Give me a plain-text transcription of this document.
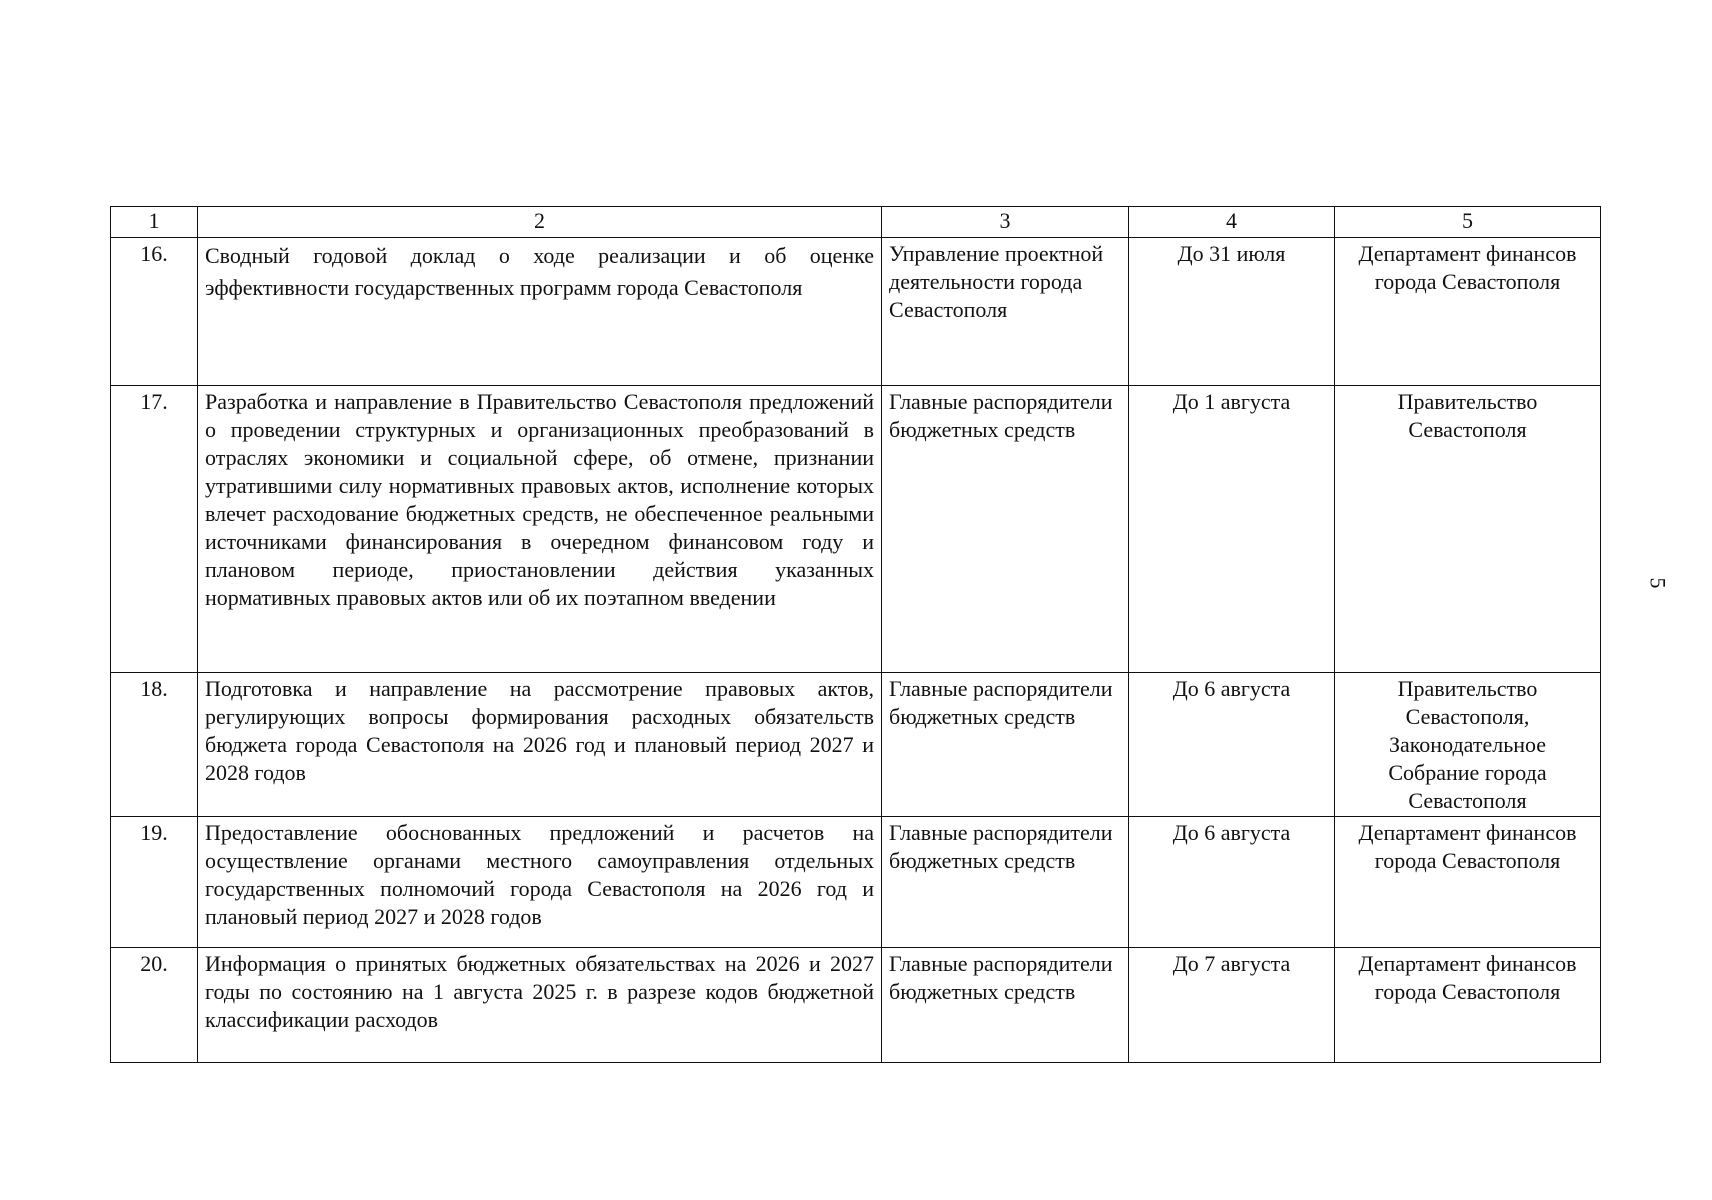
5
1	2	3	4	5
16.	Сводный годовой доклад о ходе реализации и об оценке эффективности государственных программ города Севастополя	Управление проектной деятельности города Севастополя	До 31 июля	Департамент финансов города Севастополя
17.	Разработка и направление в Правительство Севастополя предложений о проведении структурных и организационных преобразований в отраслях экономики и социальной сфере, об отмене, признании утратившими силу нормативных правовых актов, исполнение которых влечет расходование бюджетных средств, не обеспеченное реальными источниками финансирования в очередном финансовом году и плановом периоде, приостановлении действия указанных нормативных правовых актов или об их поэтапном введении	Главные распорядители бюджетных средств	До 1 августа	Правительство Севастополя
18.	Подготовка и направление на рассмотрение правовых актов, регулирующих вопросы формирования расходных обязательств бюджета города Севастополя на 2026 год и плановый период 2027 и 2028 годов	Главные распорядители бюджетных средств	До 6 августа	Правительство Севастополя, Законодательное Собрание города Севастополя
19.	Предоставление обоснованных предложений и расчетов на осуществление органами местного самоуправления отдельных государственных полномочий города Севастополя на 2026 год и плановый период 2027 и 2028 годов	Главные распорядители бюджетных средств	До 6 августа	Департамент финансов города Севастополя
20.	Информация о принятых бюджетных обязательствах на 2026 и 2027 годы по состоянию на 1 августа 2025 г. в разрезе кодов бюджетной классификации расходов	Главные распорядители бюджетных средств	До 7 августа	Департамент финансов города Севастополя
